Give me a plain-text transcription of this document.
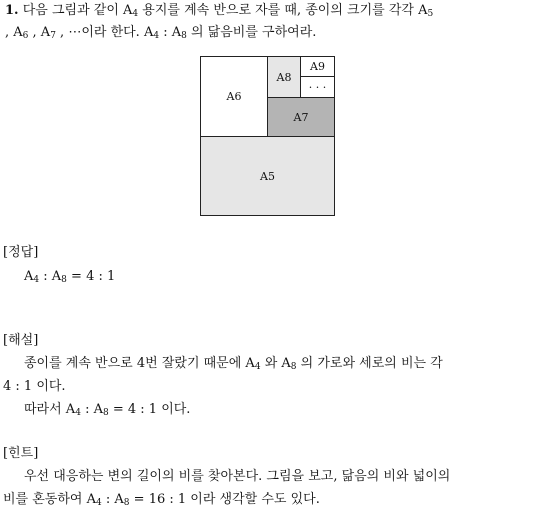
1. 다음 그림과 같이 $A_4$ 용지를 계속 반으로 자를 때, 종이의 크기를 각각 $A_5$
, $A_6$ , $A_7$ , ⋯이라 한다. $A_4$ : $A_8$ 의 닮음비를 구하여라.
A6
A8
A9
· · ·
A7
A5
[정답]
$A_4$ : $A_8 = 4$ : 1
[해설]
종이를 계속 반으로 4번 잘랐기 때문에 $A_4$ 와 $A_8$ 의 가로와 세로의 비는 각
4 : 1 이다.
따라서 $A_4$ : $A_8 = 4$ : 1 이다.
[힌트]
우선 대응하는 변의 길이의 비를 찾아본다. 그림을 보고, 닮음의 비와 넓이의
비를 혼동하여 $A_4$ : $A_8 = 16$ : 1 이라 생각할 수도 있다.
